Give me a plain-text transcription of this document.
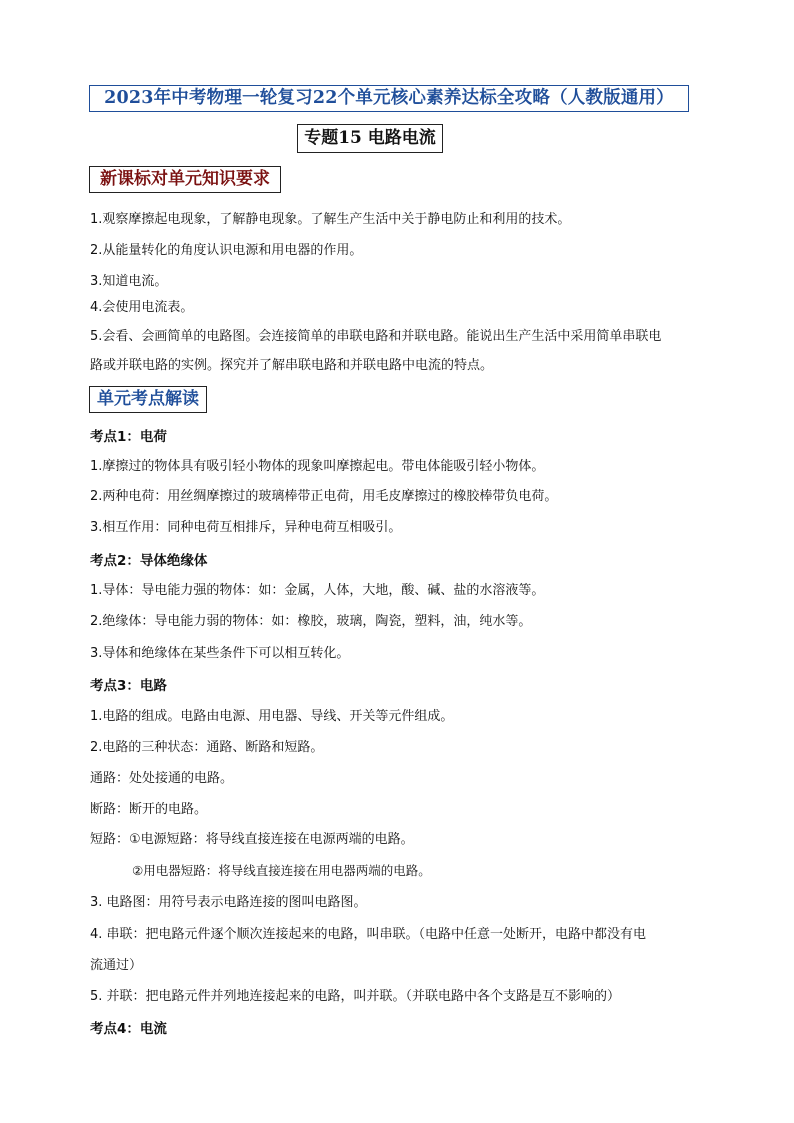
2023年中考物理一轮复习22个单元核心素养达标全攻略（人教版通用）
专题15 电路电流
新课标对单元知识要求
1.观察摩擦起电现象，了解静电现象。了解生产生活中关于静电防止和利用的技术。
2.从能量转化的角度认识电源和用电器的作用。
3.知道电流。
4.会使用电流表。
5.会看、会画简单的电路图。会连接简单的串联电路和并联电路。能说出生产生活中采用简单串联电
路或并联电路的实例。探究并了解串联电路和并联电路中电流的特点。
单元考点解读
考点1：电荷
1.摩擦过的物体具有吸引轻小物体的现象叫摩擦起电。带电体能吸引轻小物体。
2.两种电荷：用丝绸摩擦过的玻璃棒带正电荷，用毛皮摩擦过的橡胶棒带负电荷。
3.相互作用：同种电荷互相排斥，异种电荷互相吸引。
考点2：导体绝缘体
1.导体：导电能力强的物体：如：金属，人体，大地，酸、碱、盐的水溶液等。
2.绝缘体：导电能力弱的物体：如：橡胶，玻璃，陶瓷，塑料，油，纯水等。
3.导体和绝缘体在某些条件下可以相互转化。
考点3：电路
1.电路的组成。电路由电源、用电器、导线、开关等元件组成。
2.电路的三种状态：通路、断路和短路。
通路：处处接通的电路。
断路：断开的电路。
短路：①电源短路：将导线直接连接在电源两端的电路。
②用电器短路：将导线直接连接在用电器两端的电路。
3. 电路图：用符号表示电路连接的图叫电路图。
4. 串联：把电路元件逐个顺次连接起来的电路，叫串联。（电路中任意一处断开，电路中都没有电
流通过）
5. 并联：把电路元件并列地连接起来的电路，叫并联。（并联电路中各个支路是互不影响的）
考点4：电流
